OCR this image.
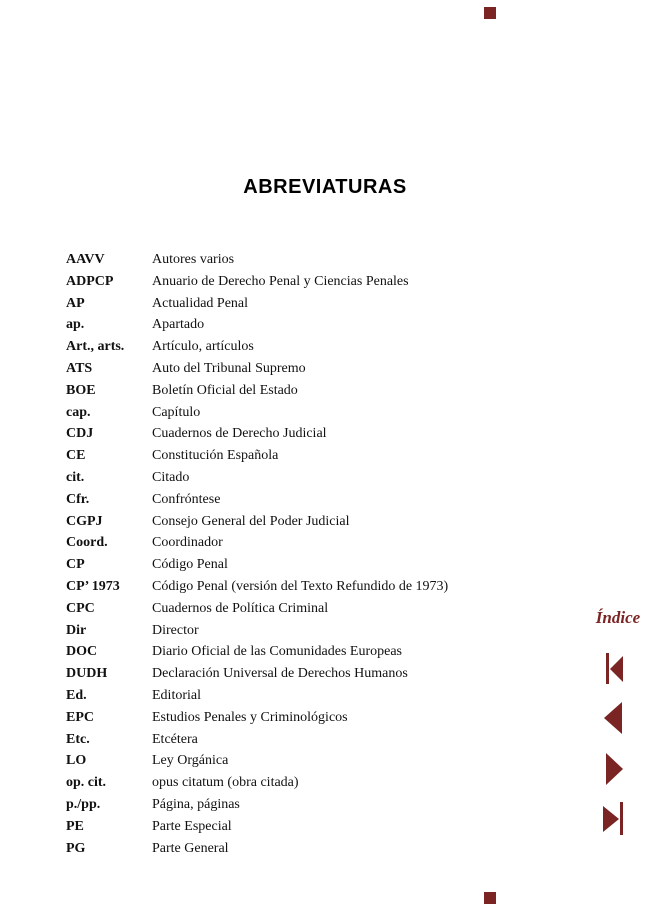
ABREVIATURAS
AAVV	Autores varios
ADPCP	Anuario de Derecho Penal y Ciencias Penales
AP	Actualidad Penal
ap.	Apartado
Art., arts.	Artículo, artículos
ATS	Auto del Tribunal Supremo
BOE	Boletín Oficial del Estado
cap.	Capítulo
CDJ	Cuadernos de Derecho Judicial
CE	Constitución Española
cit.	Citado
Cfr.	Confróntese
CGPJ	Consejo General del Poder Judicial
Coord.	Coordinador
CP	Código Penal
CP’ 1973	Código Penal (versión del Texto Refundido de 1973)
CPC	Cuadernos de Política Criminal
Dir	Director
DOC	Diario Oficial de las Comunidades Europeas
DUDH	Declaración Universal de Derechos Humanos
Ed.	Editorial
EPC	Estudios Penales y Criminológicos
Etc.	Etcétera
LO	Ley Orgánica
op. cit.	opus citatum (obra citada)
p./pp.	Página, páginas
PE	Parte Especial
PG	Parte General
Índice
